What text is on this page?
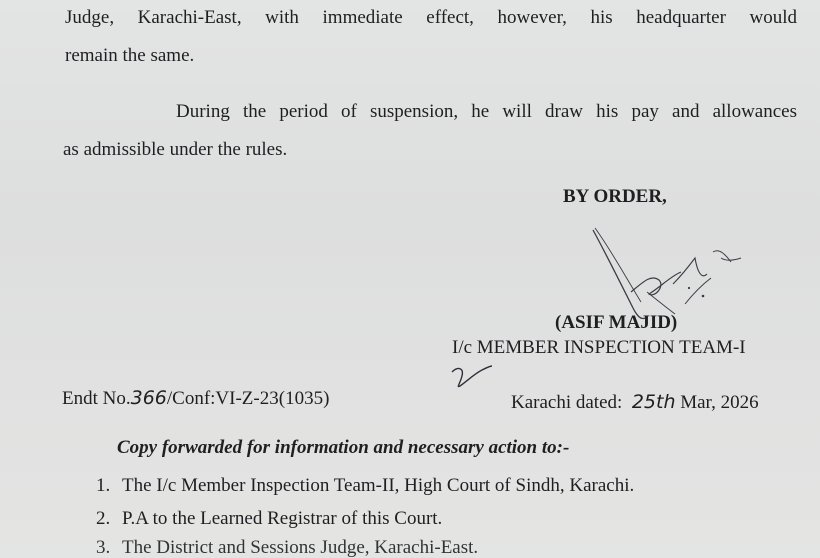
Judge, Karachi-East, with immediate effect, however, his headquarter would
remain the same.
During the period of suspension, he will draw his pay and allowances
as admissible under the rules.
BY ORDER,
(ASIF MAJID)
I/c MEMBER INSPECTION TEAM-I
Endt No.366/Conf:VI-Z-23(1035)	Karachi dated: 25th Mar, 2026
Copy forwarded for information and necessary action to:-
1. The I/c Member Inspection Team-II, High Court of Sindh, Karachi.
2. P.A to the Learned Registrar of this Court.
3. The District and Sessions Judge, Karachi-East.
